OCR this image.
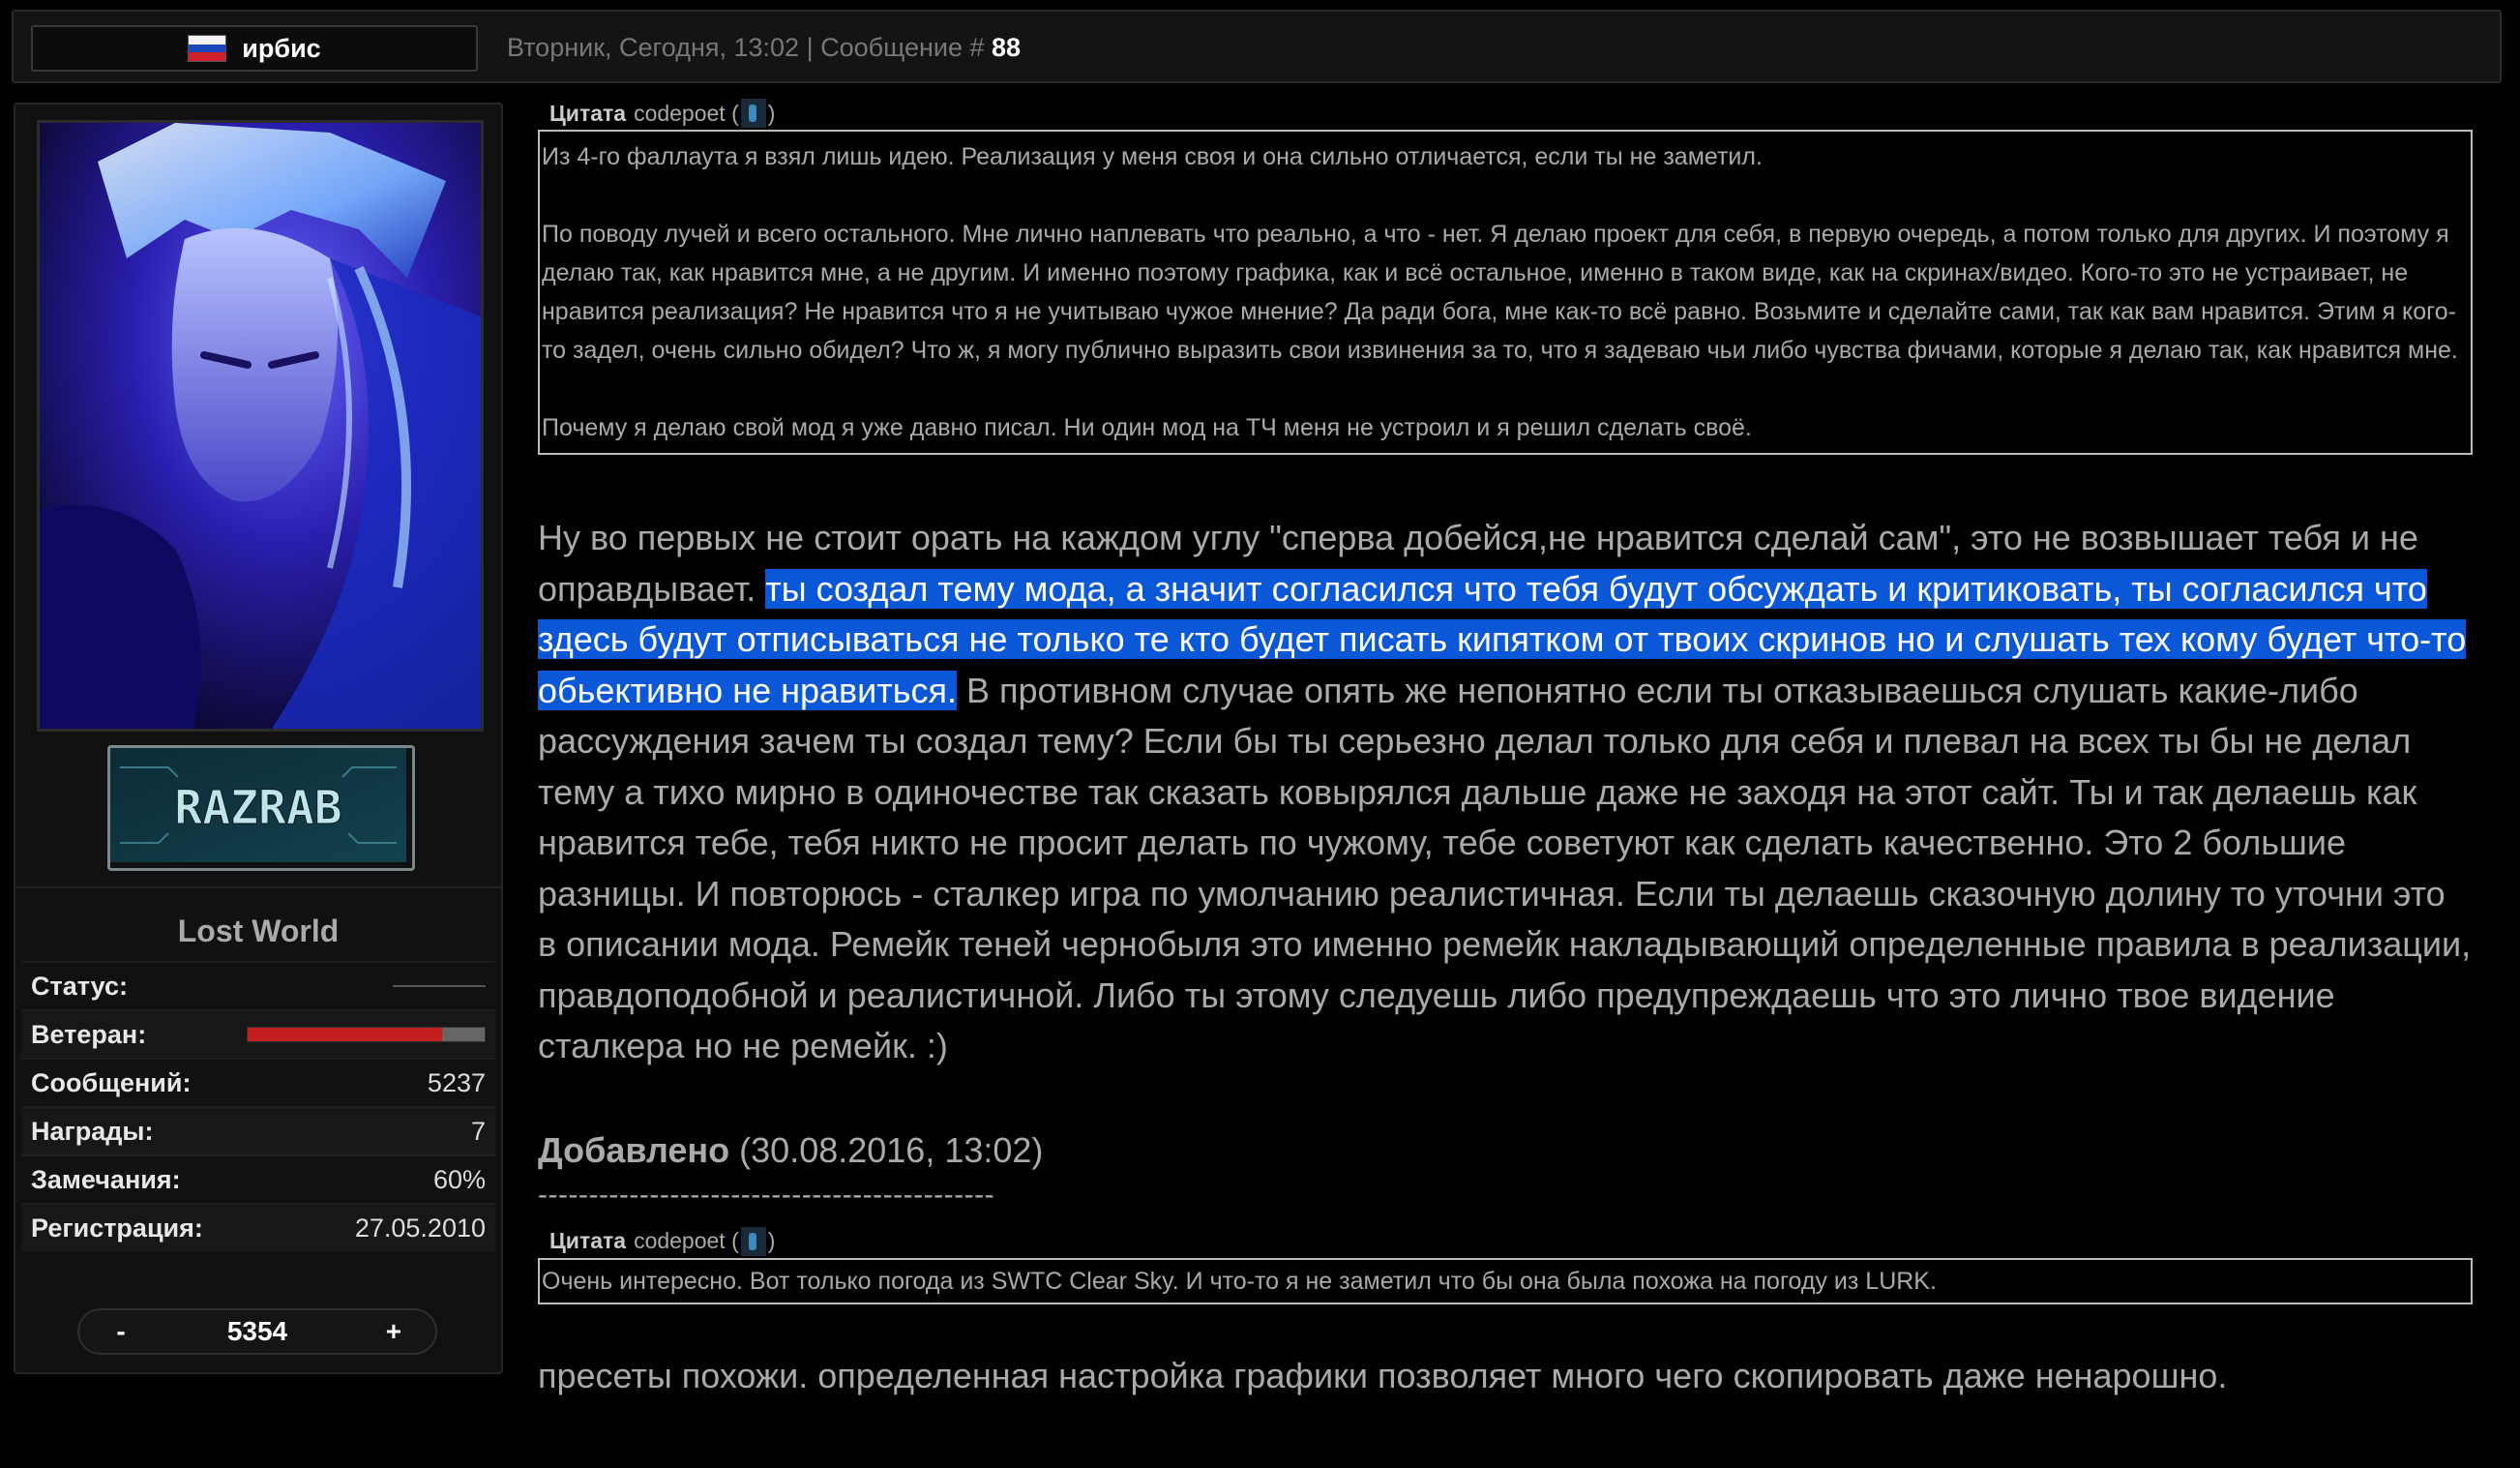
ирбис	Вторник, Сегодня, 13:02 | Сообщение # 88
RAZRAB
Lost World
Статус:
Ветеран:
Сообщений:	5237
Награды:	7
Замечания:	60%
Регистрация:	27.05.2010
-	5354	+
Цитата codepoet ( )

Из 4-го фаллаута я взял лишь идею. Реализация у меня своя и она сильно отличается, если ты не заметил.

По поводу лучей и всего остального. Мне лично наплевать что реально, а что - нет. Я делаю проект для себя, в первую очередь, а потом только для других. И поэтому я делаю так, как нравится мне, а не другим. И именно поэтому графика, как и всё остальное, именно в таком виде, как на скринах/видео. Кого-то это не устраивает, не нравится реализация? Не нравится что я не учитываю чужое мнение? Да ради бога, мне как-то всё равно. Возьмите и сделайте сами, так как вам нравится. Этим я кого-то задел, очень сильно обидел? Что ж, я могу публично выразить свои извинения за то, что я задеваю чьи либо чувства фичами, которые я делаю так, как нравится мне.

Почему я делаю свой мод я уже давно писал. Ни один мод на ТЧ меня не устроил и я решил сделать своё.

Ну во первых не стоит орать на каждом углу "сперва добейся,не нравится сделай сам", это не возвышает тебя и не оправдывает. ты создал тему мода, а значит согласился что тебя будут обсуждать и критиковать, ты согласился что здесь будут отписываться не только те кто будет писать кипятком от твоих скринов но и слушать тех кому будет что-то обьективно не нравиться. В противном случае опять же непонятно если ты отказываешься слушать какие-либо рассуждения зачем ты создал тему? Если бы ты серьезно делал только для себя и плевал на всех ты бы не делал тему а тихо мирно в одиночестве так сказать ковырялся дальше даже не заходя на этот сайт. Ты и так делаешь как нравится тебе, тебя никто не просит делать по чужому, тебе советуют как сделать качественно. Это 2 большие разницы. И повторюсь - сталкер игра по умолчанию реалистичная. Если ты делаешь сказочную долину то уточни это в описании мода. Ремейк теней чернобыля это именно ремейк накладывающий определенные правила в реализации, правдоподобной и реалистичной. Либо ты этому следуешь либо предупреждаешь что это лично твое видение сталкера но не ремейк. :)
Добавлено (30.08.2016, 13:02)
---------------------------------------------
Цитата codepoet ( )

Очень интересно. Вот только погода из SWTC Clear Sky. И что-то я не заметил что бы она была похожа на погоду из LURK.

пресеты похожи. определенная настройка графики позволяет много чего скопировать даже ненарошно.
